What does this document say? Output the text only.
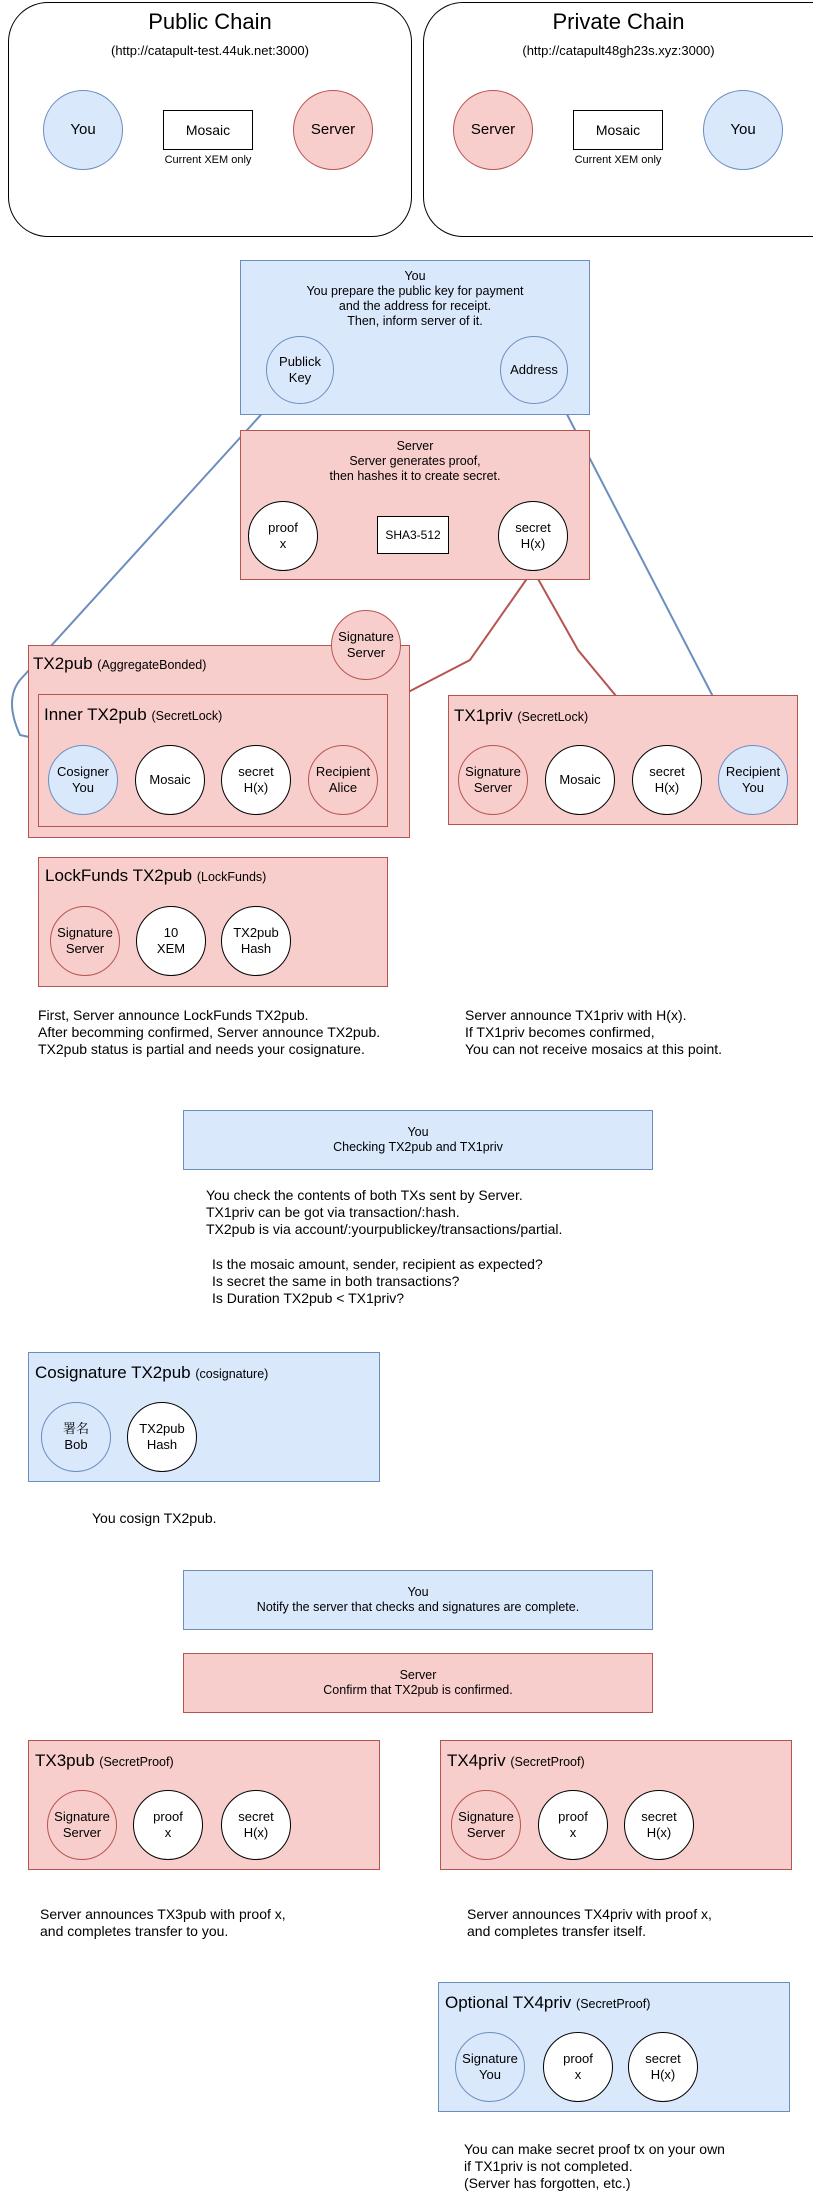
Public Chain
(http://catapult-test.44uk.net:3000)
You	Mosaic
Current XEM only
Server
Private Chain
(http://catapult48gh23s.xyz:3000)
Server	Mosaic
Current XEM only
You
You
You prepare the public key for payment
and the address for receipt.
Then, inform server of it.
Publick
Key
Address
Server
Server generates proof,
then hashes it to create secret.
proof
x
SHA3-512	secret
H(x)
TX2pub (AggregateBonded)
Signature
Server
Inner TX2pub (SecretLock)
Cosigner
You
Mosaic
secret
H(x)
Recipient
Alice
TX1priv (SecretLock)
Signature
Server
Mosaic
secret
H(x)
Recipient
You
LockFunds TX2pub (LockFunds)
Signature
Server
10
XEM
TX2pub
Hash
First, Server announce LockFunds TX2pub.
After becomming confirmed, Server announce TX2pub.
TX2pub status is partial and needs your cosignature.
Server announce TX1priv with H(x).
If TX1priv becomes confirmed,
You can not receive mosaics at this point.
You
Checking TX2pub and TX1priv
You check the contents of both TXs sent by Server.
TX1priv can be got via transaction/:hash.
TX2pub is via account/:yourpublickey/transactions/partial.
Is the mosaic amount, sender, recipient as expected?
Is secret the same in both transactions?
Is Duration TX2pub < TX1priv?
Cosignature TX2pub (cosignature)
署名
Bob
TX2pub
Hash
You cosign TX2pub.
You
Notify the server that checks and signatures are complete.
Server
Confirm that TX2pub is confirmed.
TX3pub (SecretProof)
Signature
Server
proof
x
secret
H(x)
TX4priv (SecretProof)
Signature
Server
proof
x
secret
H(x)
Server announces TX3pub with proof x,
and completes transfer to you.
Server announces TX4priv with proof x,
and completes transfer itself.
Optional TX4priv (SecretProof)
Signature
You
proof
x
secret
H(x)
You can make secret proof tx on your own
if TX1priv is not completed.
(Server has forgotten, etc.)
